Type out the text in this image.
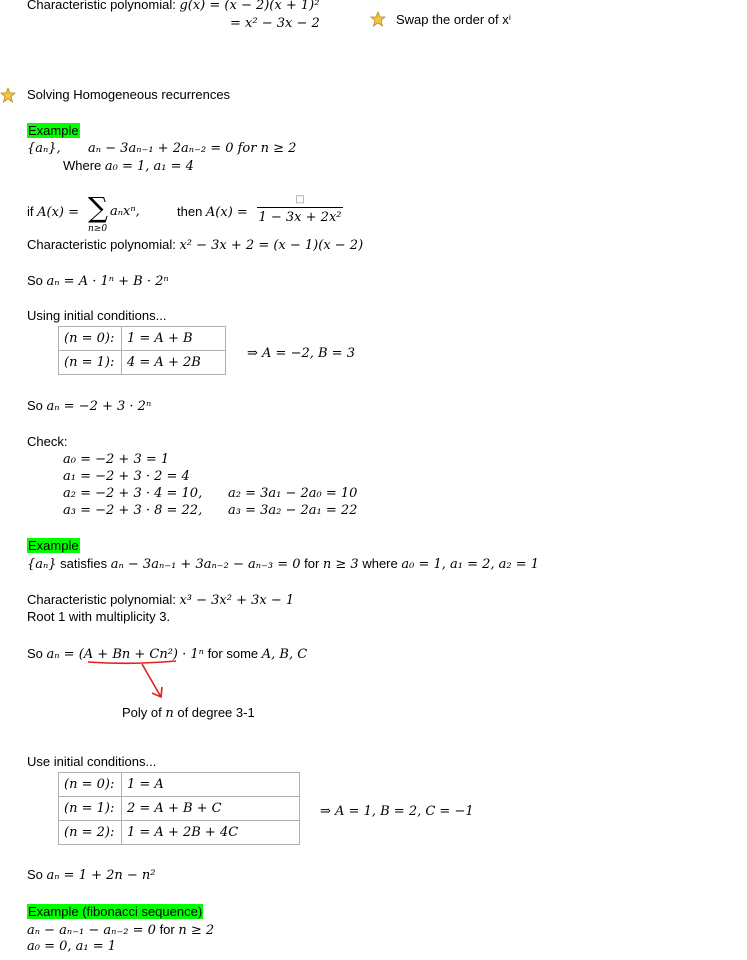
Characteristic polynomial: g(x) = (x − 2)(x + 1)²
= x² − 3x − 2	Swap the order of xⁱ
Solving Homogeneous recurrences
Example
{aₙ}, aₙ − 3aₙ₋₁ + 2aₙ₋₂ = 0 for n ≥ 2
Where a₀ = 1, a₁ = 4
if A(x) = ∑
n≥0
aₙxⁿ,	then A(x) =
□
1 − 3x + 2x²
Characteristic polynomial: x² − 3x + 2 = (x − 1)(x − 2)
So aₙ = A · 1ⁿ + B · 2ⁿ
Using initial conditions...
(n = 0):	1 = A + B
(n = 1):	4 = A + 2B
⇒ A = −2, B = 3
So aₙ = −2 + 3 · 2ⁿ
Check:
a₀ = −2 + 3 = 1
a₁ = −2 + 3 · 2 = 4
a₂ = −2 + 3 · 4 = 10,
a₃ = −2 + 3 · 8 = 22,
a₂ = 3a₁ − 2a₀ = 10
a₃ = 3a₂ − 2a₁ = 22
Example
{aₙ} satisfies aₙ − 3aₙ₋₁ + 3aₙ₋₂ − aₙ₋₃ = 0 for n ≥ 3 where a₀ = 1, a₁ = 2, a₂ = 1
Characteristic polynomial: x³ − 3x² + 3x − 1
Root 1 with multiplicity 3.
So aₙ = (A + Bn + Cn²) · 1ⁿ for some A, B, C
Poly of n of degree 3-1
Use initial conditions...
(n = 0):	1 = A
(n = 1):	2 = A + B + C
(n = 2):	1 = A + 2B + 4C
⇒ A = 1, B = 2, C = −1
So aₙ = 1 + 2n − n²
Example (fibonacci sequence)
aₙ − aₙ₋₁ − aₙ₋₂ = 0 for n ≥ 2
a₀ = 0, a₁ = 1
